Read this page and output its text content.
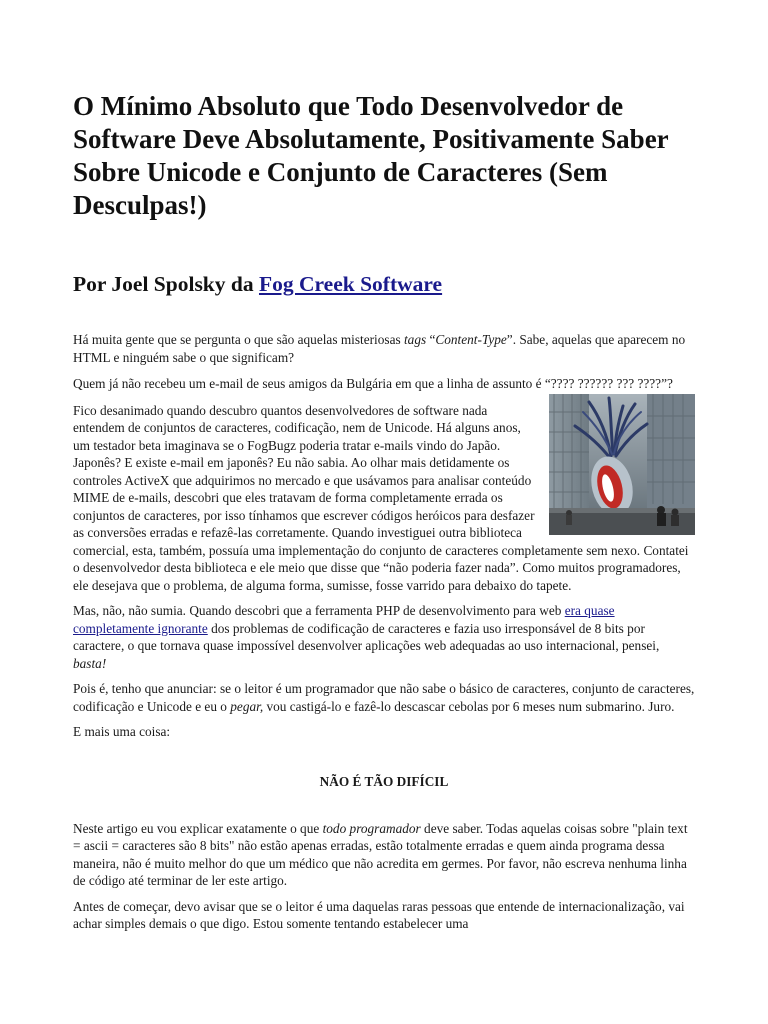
O Mínimo Absoluto que Todo Desenvolvedor de Software Deve Absolutamente, Positivamente Saber Sobre Unicode e Conjunto de Caracteres (Sem Desculpas!)
Por Joel Spolsky da Fog Creek Software

Há muita gente que se pergunta o que são aquelas misteriosas tags “Content-Type”. Sabe, aquelas que aparecem no HTML e ninguém sabe o que significam?

Quem já não recebeu um e-mail de seus amigos da Bulgária em que a linha de assunto é “???? ?????? ??? ????”?

Fico desanimado quando descubro quantos desenvolvedores de software nada entendem de conjuntos de caracteres, codificação, nem de Unicode. Há alguns anos, um testador beta imaginava se o FogBugz poderia tratar e-mails vindo do Japão. Japonês? E existe e-mail em japonês? Eu não sabia. Ao olhar mais detidamente os controles ActiveX que adquirimos no mercado e que usávamos para analisar conteúdo MIME de e-mails, descobri que eles tratavam de forma completamente errada os conjuntos de caracteres, por isso tínhamos que escrever códigos heróicos para desfazer as conversões erradas e refazê-las corretamente. Quando investiguei outra biblioteca comercial, esta, também, possuía uma implementação do conjunto de caracteres completamente sem nexo. Contatei o desenvolvedor desta biblioteca e ele meio que disse que “não poderia fazer nada”. Como muitos programadores, ele desejava que o problema, de alguma forma, sumisse, fosse varrido para debaixo do tapete.

Mas, não, não sumia. Quando descobri que a ferramenta PHP de desenvolvimento para web era quase completamente ignorante dos problemas de codificação de caracteres e fazia uso irresponsável de 8 bits por caractere, o que tornava quase impossível desenvolver aplicações web adequadas ao uso internacional, pensei, basta!

Pois é, tenho que anunciar: se o leitor é um programador que não sabe o básico de caracteres, conjunto de caracteres, codificação e Unicode e eu o pegar, vou castigá-lo e fazê-lo descascar cebolas por 6 meses num submarino. Juro.

E mais uma coisa:

NÃO É TÃO DIFÍCIL

Neste artigo eu vou explicar exatamente o que todo programador deve saber. Todas aquelas coisas sobre "plain text = ascii = caracteres são 8 bits" não estão apenas erradas, estão totalmente erradas e quem ainda programa dessa maneira, não é muito melhor do que um médico que não acredita em germes. Por favor, não escreva nenhuma linha de código até terminar de ler este artigo.

Antes de começar, devo avisar que se o leitor é uma daquelas raras pessoas que entende de internacionalização, vai achar simples demais o que digo. Estou somente tentando estabelecer uma
